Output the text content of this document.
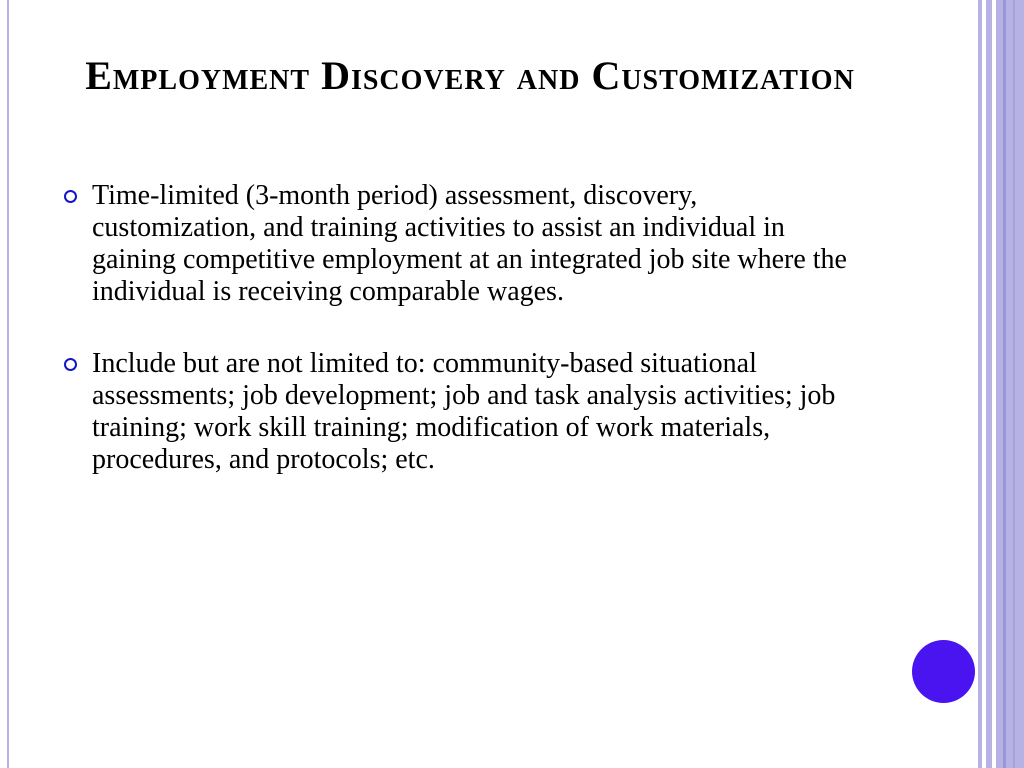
Employment Discovery and Customization
Time-limited (3-month period) assessment, discovery, customization, and training activities to assist an individual in gaining competitive employment at an integrated job site where the individual is receiving comparable wages.
Include but are not limited to: community-based situational assessments; job development; job and task analysis activities; job training; work skill training; modification of work materials, procedures, and protocols; etc.
